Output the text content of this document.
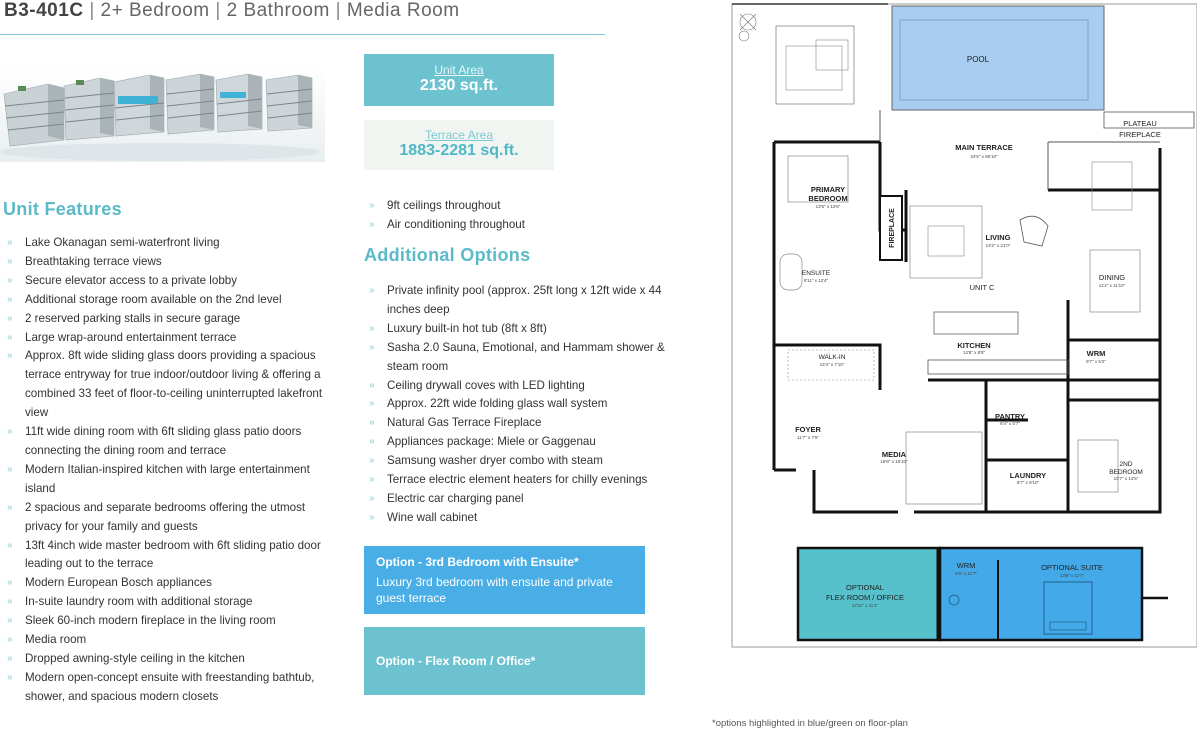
B3-401C | 2+ Bedroom | 2 Bathroom | Media Room
Unit Area
2130 sq.ft.
Terrace Area
1883-2281 sq.ft.
Unit Features
» Lake Okanagan semi-waterfront living
» Breathtaking terrace views
» Secure elevator access to a private lobby
» Additional storage room available on the 2nd level
» 2 reserved parking stalls in secure garage
» Large wrap-around entertainment terrace
» Approx. 8ft wide sliding glass doors providing a spacious terrace entryway for true indoor/outdoor living & offering a combined 33 feet of floor-to-ceiling uninterrupted lakefront view
» 11ft wide dining room with 6ft sliding glass patio doors connecting the dining room and terrace
» Modern Italian-inspired kitchen with large entertainment island
» 2 spacious and separate bedrooms offering the utmost privacy for your family and guests
» 13ft 4inch wide master bedroom with 6ft sliding patio door leading out to the terrace
» Modern European Bosch appliances
» In-suite laundry room with additional storage
» Sleek 60-inch modern fireplace in the living room
» Media room
» Dropped awning-style ceiling in the kitchen
» Modern open-concept ensuite with freestanding bathtub, shower, and spacious modern closets
» 9ft ceilings throughout
» Air conditioning throughout
Additional Options
» Private infinity pool (approx. 25ft long x 12ft wide x 44 inches deep
» Luxury built-in hot tub (8ft x 8ft)
» Sasha 2.0 Sauna, Emotional, and Hammam shower & steam room
» Ceiling drywall coves with LED lighting
» Approx. 22ft wide folding glass wall system
» Natural Gas Terrace Fireplace
» Appliances package: Miele or Gaggenau
» Samsung washer dryer combo with steam
» Terrace electric element heaters for chilly evenings
» Electric car charging panel
» Wine wall cabinet
Option - 3rd Bedroom with Ensuite*
Luxury 3rd bedroom with ensuite and private guest terrace
Option - Flex Room / Office*
*options highlighted in blue/green on floor-plan
POOL
PLATEAU
FIREPLACE
MAIN TERRACE
24'5" x 86'10"
FIREPLACE
PRIMARY
BEDROOM
13'5" x 13'6"
ENSUITE
9'11" x 12'4"
WALK-IN
13'4" x 7'10"
LIVING
13'2" x 21'0"
DINING
11'2" x 11'10"
UNIT C
KITCHEN
13'8" x 8'8"	WRM
9'7" x 5'2"
PANTRY
6'4" x 5'7"
FOYER
11'7" x 7'5"
MEDIA
16'8" x 16'10"
LAUNDRY
8'7" x 9'10"
2ND
BEDROOM
10'7" x 14'5"
OPTIONAL
FLEX ROOM / OFFICE
12'11" x 11'1"
WRM
6'6" x 11'7"
OPTIONAL SUITE
13'8" x 11'7"
